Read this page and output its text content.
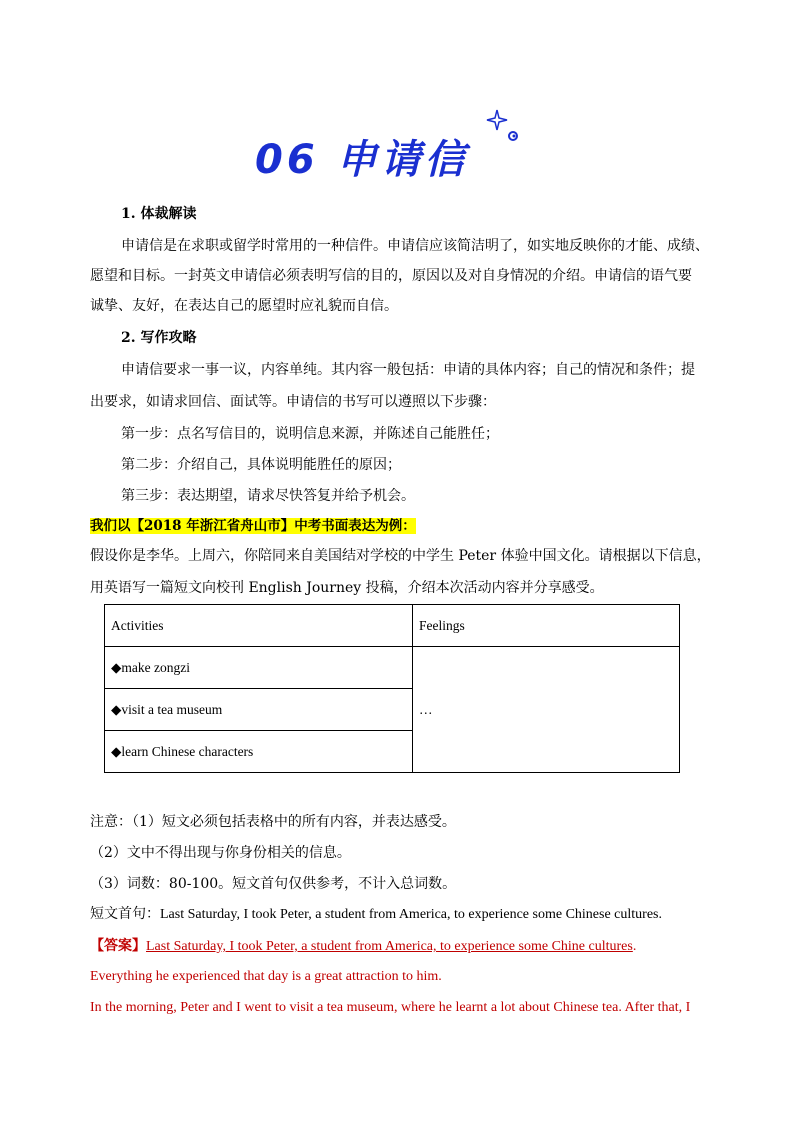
06 申请信
1. 体裁解读
申请信是在求职或留学时常用的一种信件。申请信应该简洁明了，如实地反映你的才能、成绩、
愿望和目标。一封英文申请信必须表明写信的目的，原因以及对自身情况的介绍。申请信的语气要
诚挚、友好，在表达自己的愿望时应礼貌而自信。
2. 写作攻略
申请信要求一事一议，内容单纯。其内容一般包括：申请的具体内容；自己的情况和条件；提
出要求，如请求回信、面试等。申请信的书写可以遵照以下步骤：
第一步：点名写信目的，说明信息来源，并陈述自己能胜任；
第二步：介绍自己，具体说明能胜任的原因；
第三步：表达期望，请求尽快答复并给予机会。
我们以【2018 年浙江省舟山市】中考书面表达为例：
假设你是李华。上周六，你陪同来自美国结对学校的中学生 Peter 体验中国文化。请根据以下信息，
用英语写一篇短文向校刊 English Journey 投稿，介绍本次活动内容并分享感受。
Activities	Feelings
◆make zongzi	…
◆visit a tea museum	
◆learn Chinese characters	
注意：（1）短文必须包括表格中的所有内容，并表达感受。
（2）文中不得出现与你身份相关的信息。
（3）词数：80-100。短文首句仅供参考，不计入总词数。
短文首句：Last Saturday, I took Peter, a student from America, to experience some Chinese cultures.
【答案】Last Saturday, I took Peter, a student from America, to experience some Chine cultures.
Everything he experienced that day is a great attraction to him.
In the morning, Peter and I went to visit a tea museum, where he learnt a lot about Chinese tea. After that, I
